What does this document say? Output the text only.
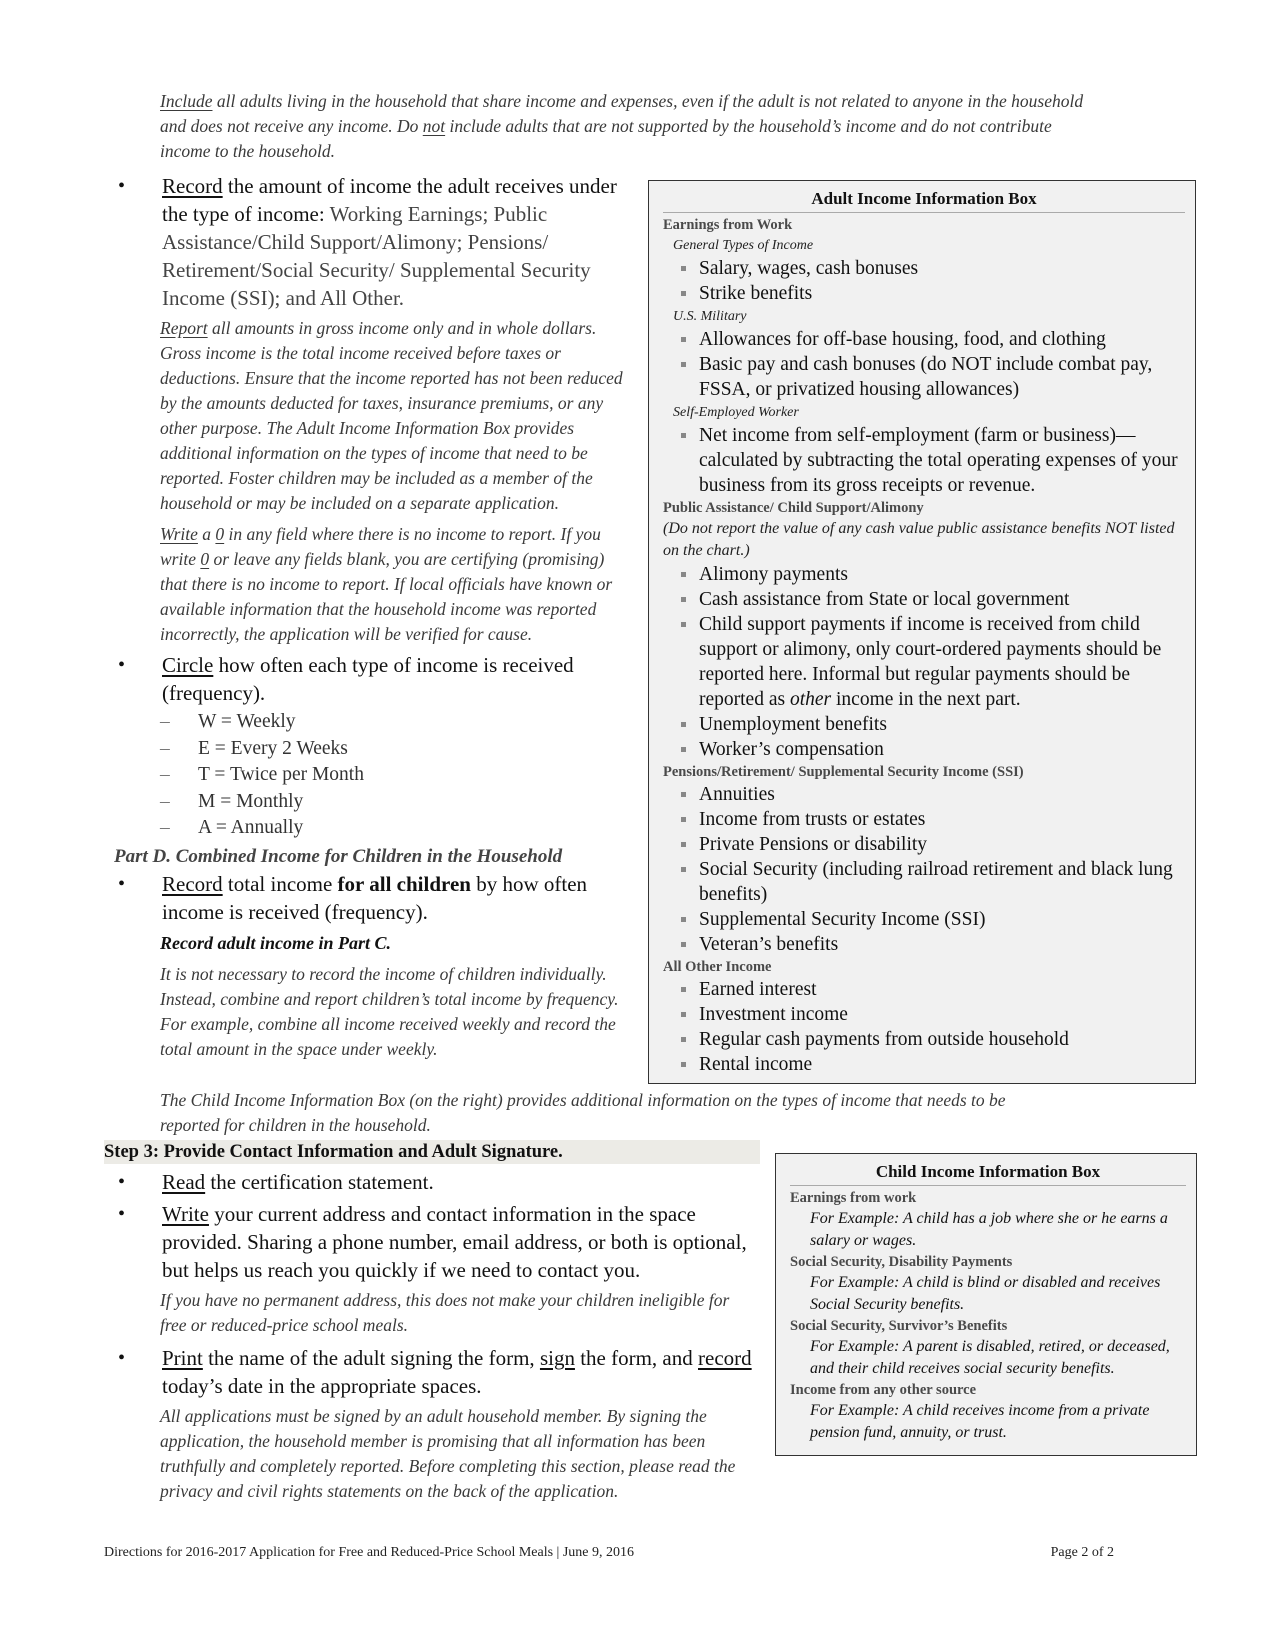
Include all adults living in the household that share income and expenses, even if the adult is not related to anyone in the household and does not receive any income. Do not include adults that are not supported by the household’s income and do not contribute income to the household.
• Record the amount of income the adult receives under the type of income: Working Earnings; Public Assistance/Child Support/Alimony; Pensions/ Retirement/Social Security/ Supplemental Security Income (SSI); and All Other.
Report all amounts in gross income only and in whole dollars. Gross income is the total income received before taxes or deductions. Ensure that the income reported has not been reduced by the amounts deducted for taxes, insurance premiums, or any other purpose. The Adult Income Information Box provides additional information on the types of income that need to be reported. Foster children may be included as a member of the household or may be included on a separate application.
Write a 0 in any field where there is no income to report. If you write 0 or leave any fields blank, you are certifying (promising) that there is no income to report. If local officials have known or available information that the household income was reported incorrectly, the application will be verified for cause.
• Circle how often each type of income is received (frequency).
– W = Weekly
– E = Every 2 Weeks
– T = Twice per Month
– M = Monthly
– A = Annually
Part D. Combined Income for Children in the Household
• Record total income for all children by how often income is received (frequency).
Record adult income in Part C.
It is not necessary to record the income of children individually. Instead, combine and report children’s total income by frequency. For example, combine all income received weekly and record the total amount in the space under weekly.
Adult Income Information Box
Earnings from Work
General Types of Income
Salary, wages, cash bonuses
Strike benefits
U.S. Military
Allowances for off-base housing, food, and clothing
Basic pay and cash bonuses (do NOT include combat pay, FSSA, or privatized housing allowances)
Self-Employed Worker
Net income from self-employment (farm or business)—calculated by subtracting the total operating expenses of your business from its gross receipts or revenue.
Public Assistance/ Child Support/Alimony
(Do not report the value of any cash value public assistance benefits NOT listed on the chart.)
Alimony payments
Cash assistance from State or local government
Child support payments if income is received from child support or alimony, only court-ordered payments should be reported here. Informal but regular payments should be reported as other income in the next part.
Unemployment benefits
Worker’s compensation
Pensions/Retirement/ Supplemental Security Income (SSI)
Annuities
Income from trusts or estates
Private Pensions or disability
Social Security (including railroad retirement and black lung benefits)
Supplemental Security Income (SSI)
Veteran’s benefits
All Other Income
Earned interest
Investment income
Regular cash payments from outside household
Rental income
The Child Income Information Box (on the right) provides additional information on the types of income that needs to be reported for children in the household.
Step 3: Provide Contact Information and Adult Signature.
• Read the certification statement.
• Write your current address and contact information in the space provided. Sharing a phone number, email address, or both is optional, but helps us reach you quickly if we need to contact you.
If you have no permanent address, this does not make your children ineligible for free or reduced-price school meals.
• Print the name of the adult signing the form, sign the form, and record today’s date in the appropriate spaces.
All applications must be signed by an adult household member. By signing the application, the household member is promising that all information has been truthfully and completely reported. Before completing this section, please read the privacy and civil rights statements on the back of the application.
Child Income Information Box
Earnings from work
For Example: A child has a job where she or he earns a salary or wages.
Social Security, Disability Payments
For Example: A child is blind or disabled and receives Social Security benefits.
Social Security, Survivor’s Benefits
For Example: A parent is disabled, retired, or deceased, and their child receives social security benefits.
Income from any other source
For Example: A child receives income from a private pension fund, annuity, or trust.
Directions for 2016-2017 Application for Free and Reduced-Price School Meals | June 9, 2016	Page 2 of 2
